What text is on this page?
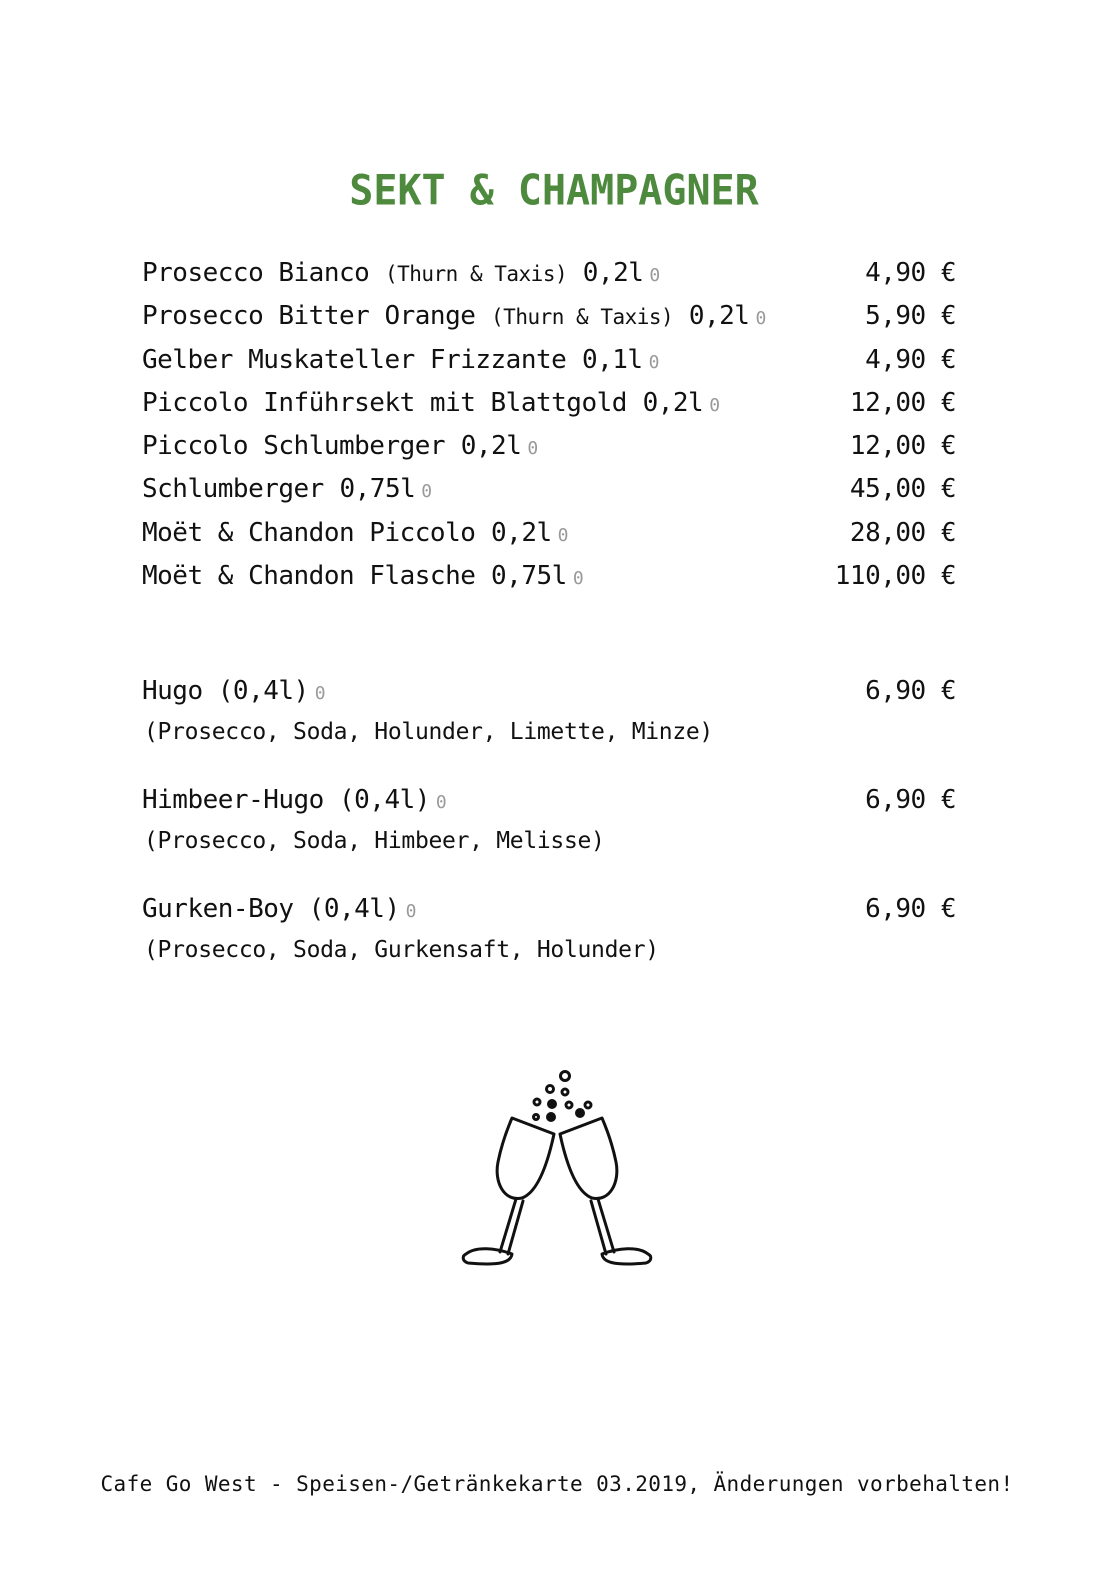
SEKT & CHAMPAGNER
Prosecco Bianco (Thurn & Taxis) 0,2l 0	4,90 €
Prosecco Bitter Orange (Thurn & Taxis) 0,2l 0	5,90 €
Gelber Muskateller Frizzante 0,1l 0	4,90 €
Piccolo Inführsekt mit Blattgold 0,2l 0	12,00 €
Piccolo Schlumberger 0,2l 0	12,00 €
Schlumberger 0,75l 0	45,00 €
Moët & Chandon Piccolo 0,2l 0	28,00 €
Moët & Chandon Flasche 0,75l 0	110,00 €
Hugo (0,4l) 0	6,90 €
(Prosecco, Soda, Holunder, Limette, Minze)
Himbeer-Hugo (0,4l) 0	6,90 €
(Prosecco, Soda, Himbeer, Melisse)
Gurken-Boy (0,4l) 0	6,90 €
(Prosecco, Soda, Gurkensaft, Holunder)
Cafe Go West - Speisen-/Getränkekarte 03.2019, Änderungen vorbehalten!
